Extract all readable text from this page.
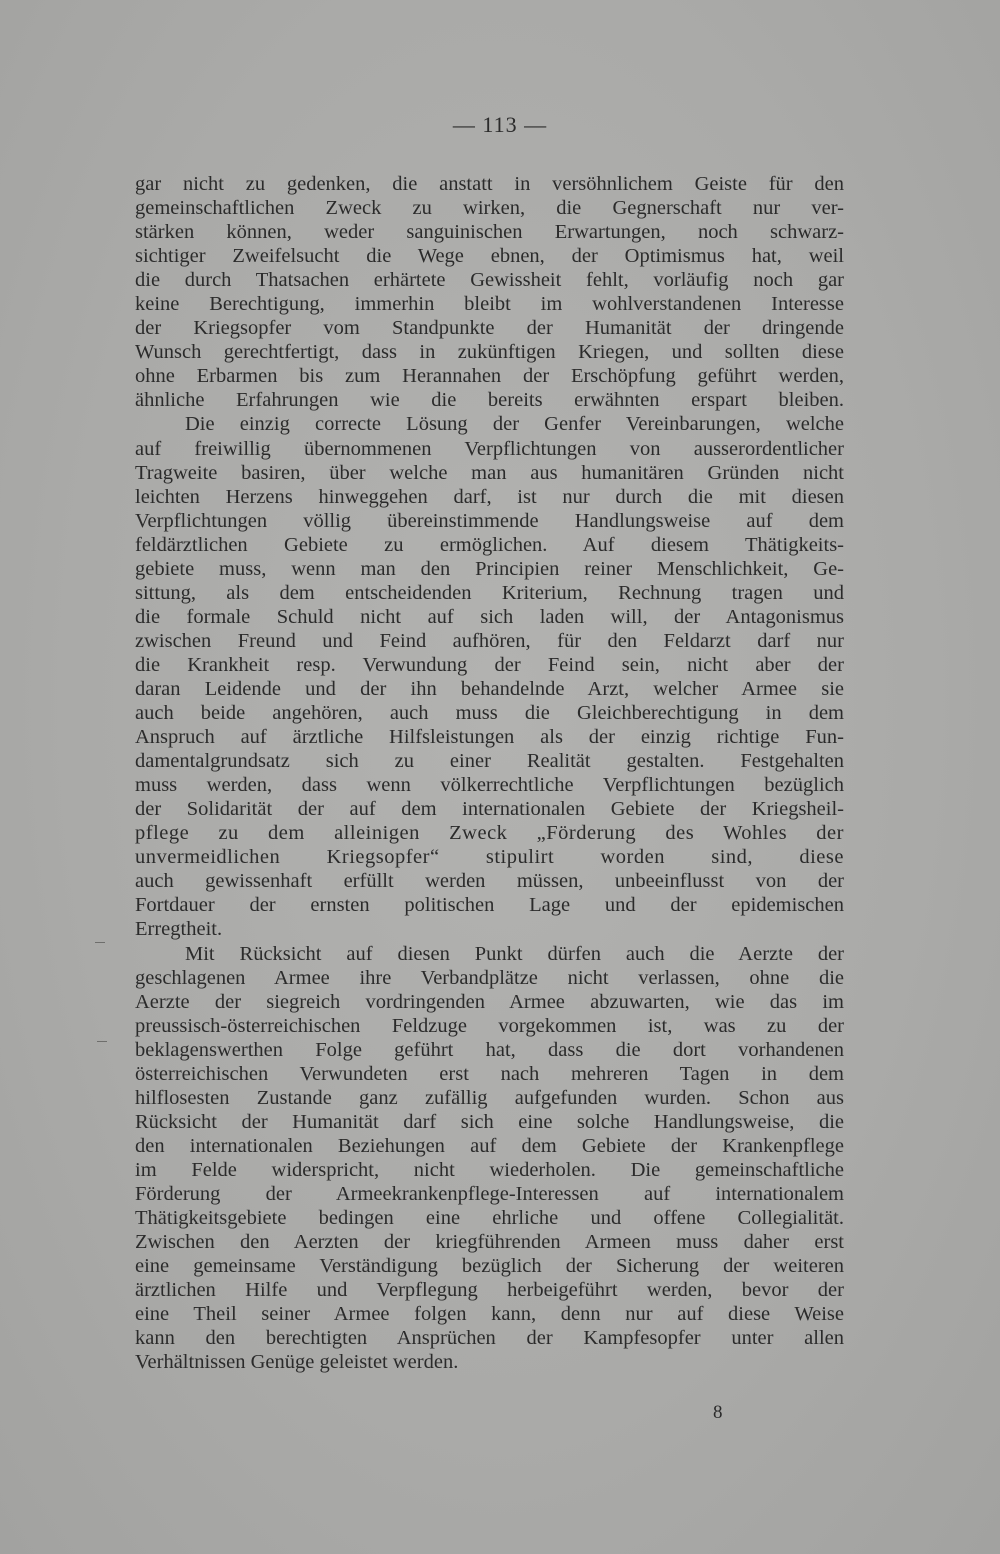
— 113 —
gar nicht zu gedenken, die anstatt in versöhnlichem Geiste für den
gemeinschaftlichen Zweck zu wirken, die Gegnerschaft nur ver-
stärken können, weder sanguinischen Erwartungen, noch schwarz-
sichtiger Zweifelsucht die Wege ebnen, der Optimismus hat, weil
die durch Thatsachen erhärtete Gewissheit fehlt, vorläufig noch gar
keine Berechtigung, immerhin bleibt im wohlverstandenen Interesse
der Kriegsopfer vom Standpunkte der Humanität der dringende
Wunsch gerechtfertigt, dass in zukünftigen Kriegen, und sollten diese
ohne Erbarmen bis zum Herannahen der Erschöpfung geführt werden,
ähnliche Erfahrungen wie die bereits erwähnten erspart bleiben.
Die einzig correcte Lösung der Genfer Vereinbarungen, welche
auf freiwillig übernommenen Verpflichtungen von ausserordentlicher
Tragweite basiren, über welche man aus humanitären Gründen nicht
leichten Herzens hinweggehen darf, ist nur durch die mit diesen
Verpflichtungen völlig übereinstimmende Handlungsweise auf dem
feldärztlichen Gebiete zu ermöglichen. Auf diesem Thätigkeits-
gebiete muss, wenn man den Principien reiner Menschlichkeit, Ge-
sittung, als dem entscheidenden Kriterium, Rechnung tragen und
die formale Schuld nicht auf sich laden will, der Antagonismus
zwischen Freund und Feind aufhören, für den Feldarzt darf nur
die Krankheit resp. Verwundung der Feind sein, nicht aber der
daran Leidende und der ihn behandelnde Arzt, welcher Armee sie
auch beide angehören, auch muss die Gleichberechtigung in dem
Anspruch auf ärztliche Hilfsleistungen als der einzig richtige Fun-
damentalgrundsatz sich zu einer Realität gestalten. Festgehalten
muss werden, dass wenn völkerrechtliche Verpflichtungen bezüglich
der Solidarität der auf dem internationalen Gebiete der Kriegsheil-
pflege zu dem alleinigen Zweck „Förderung des Wohles der
unvermeidlichen Kriegsopfer“ stipulirt worden sind, diese
auch gewissenhaft erfüllt werden müssen, unbeeinflusst von der
Fortdauer der ernsten politischen Lage und der epidemischen
Erregtheit.
Mit Rücksicht auf diesen Punkt dürfen auch die Aerzte der
geschlagenen Armee ihre Verbandplätze nicht verlassen, ohne die
Aerzte der siegreich vordringenden Armee abzuwarten, wie das im
preussisch-österreichischen Feldzuge vorgekommen ist, was zu der
beklagenswerthen Folge geführt hat, dass die dort vorhandenen
österreichischen Verwundeten erst nach mehreren Tagen in dem
hilflosesten Zustande ganz zufällig aufgefunden wurden. Schon aus
Rücksicht der Humanität darf sich eine solche Handlungsweise, die
den internationalen Beziehungen auf dem Gebiete der Krankenpflege
im Felde widerspricht, nicht wiederholen. Die gemeinschaftliche
Förderung der Armeekrankenpflege-Interessen auf internationalem
Thätigkeitsgebiete bedingen eine ehrliche und offene Collegialität.
Zwischen den Aerzten der kriegführenden Armeen muss daher erst
eine gemeinsame Verständigung bezüglich der Sicherung der weiteren
ärztlichen Hilfe und Verpflegung herbeigeführt werden, bevor der
eine Theil seiner Armee folgen kann, denn nur auf diese Weise
kann den berechtigten Ansprüchen der Kampfesopfer unter allen
Verhältnissen Genüge geleistet werden.
8
